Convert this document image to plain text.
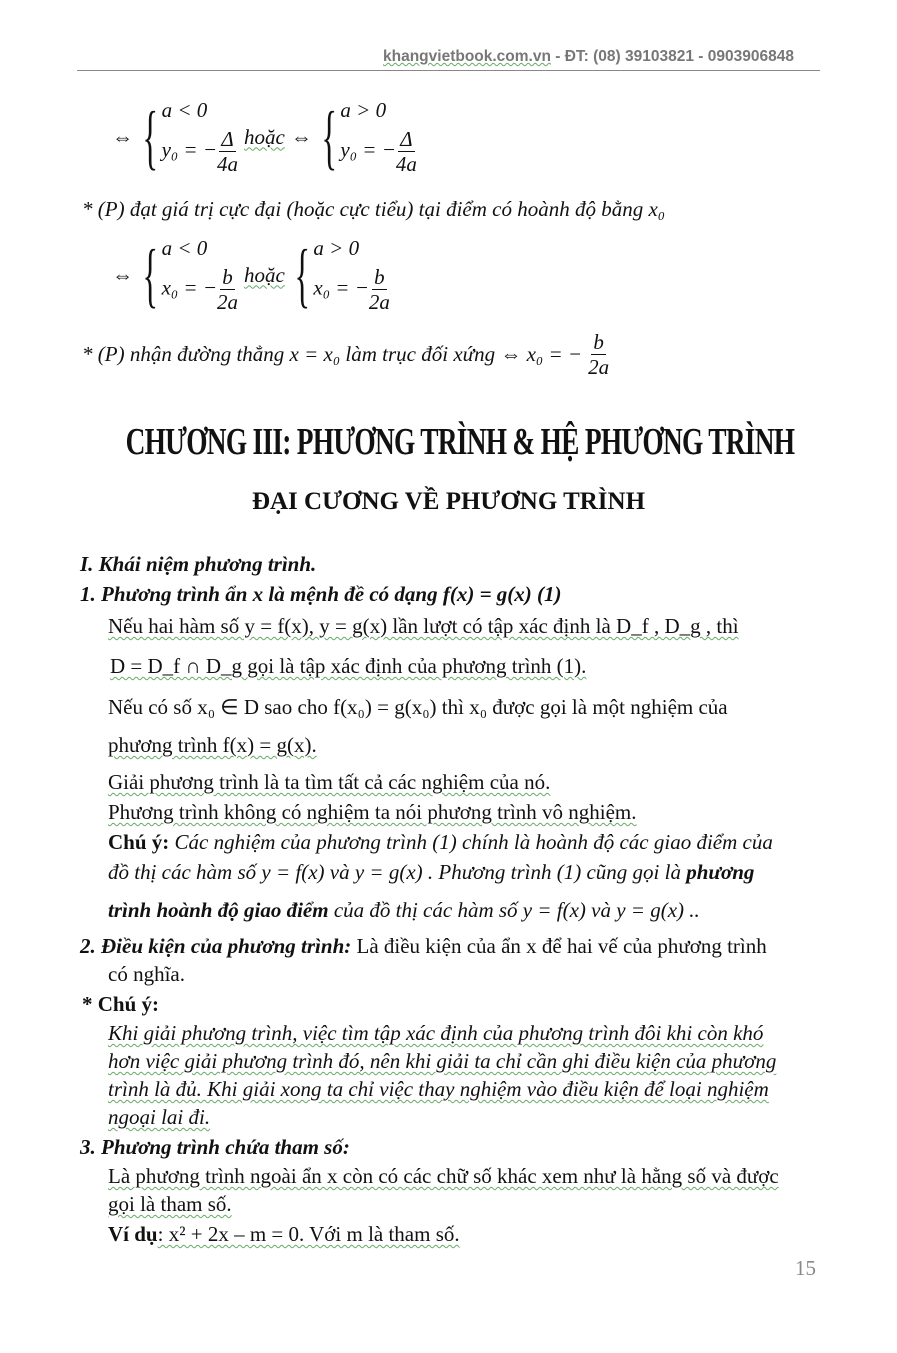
khangvietbook.com.vn - ĐT: (08) 39103821 - 0903906848
⇔ { a < 0
y₀ = − $\frac{\Delta}{4a}$ hoặc ⇔ { a > 0
y₀ = − $\frac{\Delta}{4a}$
* (P) đạt giá trị cực đại (hoặc cực tiểu) tại điểm có hoành độ bằng x₀
⇔ { a < 0
x₀ = − $\frac{b}{2a}$ hoặc { a > 0
x₀ = − $\frac{b}{2a}$
* (P) nhận đường thẳng x = x₀ làm trục đối xứng ⇔ x₀ = − $\frac{b}{2a}$
CHƯƠNG III: PHƯƠNG TRÌNH & HỆ PHƯƠNG TRÌNH
ĐẠI CƯƠNG VỀ PHƯƠNG TRÌNH
I. Khái niệm phương trình.
1. Phương trình ẩn x là mệnh đề có dạng f(x) = g(x) (1)
Nếu hai hàm số y = f(x), y = g(x) lần lượt có tập xác định là D_f , D_g , thì
D = D_f ∩ D_g gọi là tập xác định của phương trình (1).
Nếu có số x₀ ∈ D sao cho f(x₀) = g(x₀) thì x₀ được gọi là một nghiệm của
phương trình f(x) = g(x).
Giải phương trình là ta tìm tất cả các nghiệm của nó.
Phương trình không có nghiệm ta nói phương trình vô nghiệm.
Chú ý: Các nghiệm của phương trình (1) chính là hoành độ các giao điểm của
đồ thị các hàm số y = f(x) và y = g(x) . Phương trình (1) cũng gọi là phương
trình hoành độ giao điểm của đồ thị các hàm số y = f(x) và y = g(x) ..
2. Điều kiện của phương trình: Là điều kiện của ẩn x để hai vế của phương trình
có nghĩa.
* Chú ý:
Khi giải phương trình, việc tìm tập xác định của phương trình đôi khi còn khó
hơn việc giải phương trình đó, nên khi giải ta chỉ cần ghi điều kiện của phương
trình là đủ. Khi giải xong ta chỉ việc thay nghiệm vào điều kiện để loại nghiệm
ngoại lai đi.
3. Phương trình chứa tham số:
Là phương trình ngoài ẩn x còn có các chữ số khác xem như là hằng số và được
gọi là tham số.
Ví dụ: x² + 2x – m = 0. Với m là tham số.
15
